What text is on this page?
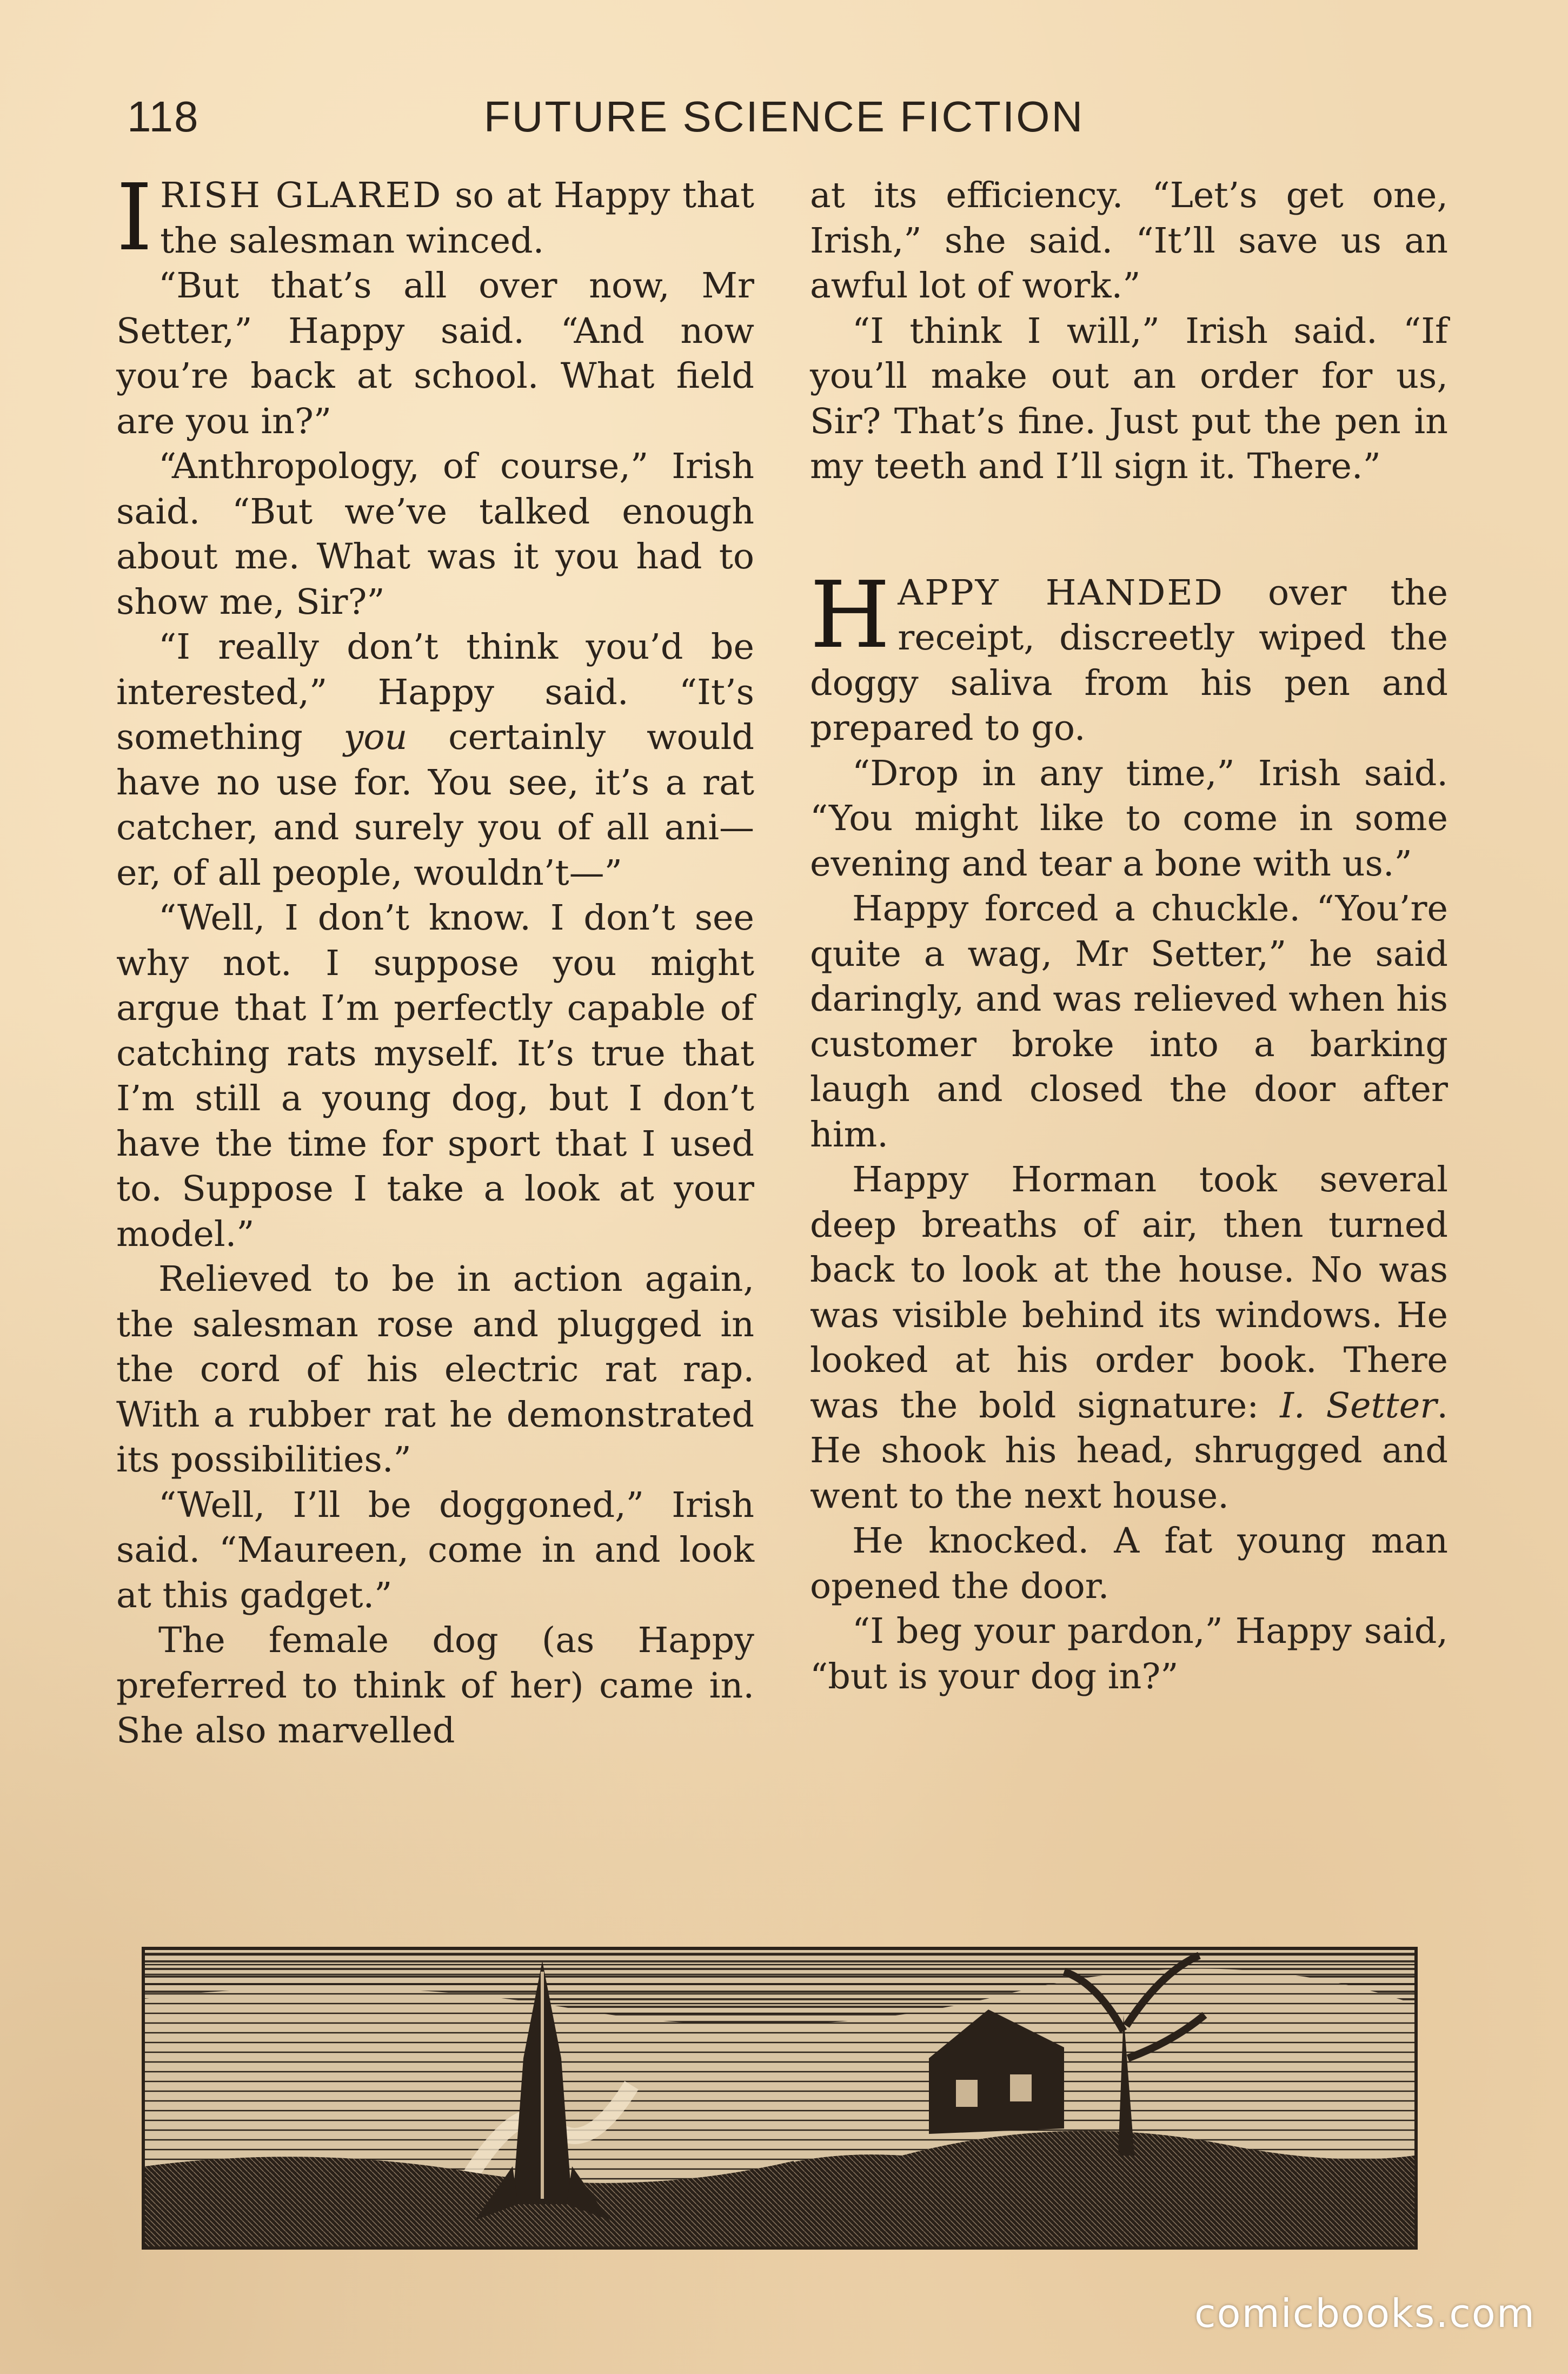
118	FUTURE SCIENCE FICTION

IRISH GLARED so at Happy that the salesman winced.

“But that’s all over now, Mr Setter,” Happy said. “And now you’re back at school. What field are you in?”

“Anthropology, of course,” Irish said. “But we’ve talked enough about me. What was it you had to show me, Sir?”

“I really don’t think you’d be interested,” Happy said. “It’s something you certainly would have no use for. You see, it’s a rat catcher, and surely you of all ani—er, of all people, wouldn’t—”

“Well, I don’t know. I don’t see why not. I suppose you might argue that I’m perfectly capable of catching rats myself. It’s true that I’m still a young dog, but I don’t have the time for sport that I used to. Suppose I take a look at your model.”

Relieved to be in action again, the salesman rose and plugged in the cord of his electric rat rap. With a rubber rat he demonstrated its possibilities.”

“Well, I’ll be doggoned,” Irish said. “Maureen, come in and look at this gadget.”

The female dog (as Happy preferred to think of her) came in. She also marvelled

at its efficiency. “Let’s get one, Irish,” she said. “It’ll save us an awful lot of work.”

“I think I will,” Irish said. “If you’ll make out an order for us, Sir? That’s fine. Just put the pen in my teeth and I’ll sign it. There.”

HAPPY HANDED over the receipt, discreetly wiped the doggy saliva from his pen and prepared to go.

“Drop in any time,” Irish said. “You might like to come in some evening and tear a bone with us.”

Happy forced a chuckle. “You’re quite a wag, Mr Setter,” he said daringly, and was relieved when his customer broke into a barking laugh and closed the door after him.

Happy Horman took several deep breaths of air, then turned back to look at the house. No was was visible behind its windows. He looked at his order book. There was the bold signature: I. Setter. He shook his head, shrugged and went to the next house.

He knocked. A fat young man opened the door.

“I beg your pardon,” Happy said, “but is your dog in?”

comicbooks.com
